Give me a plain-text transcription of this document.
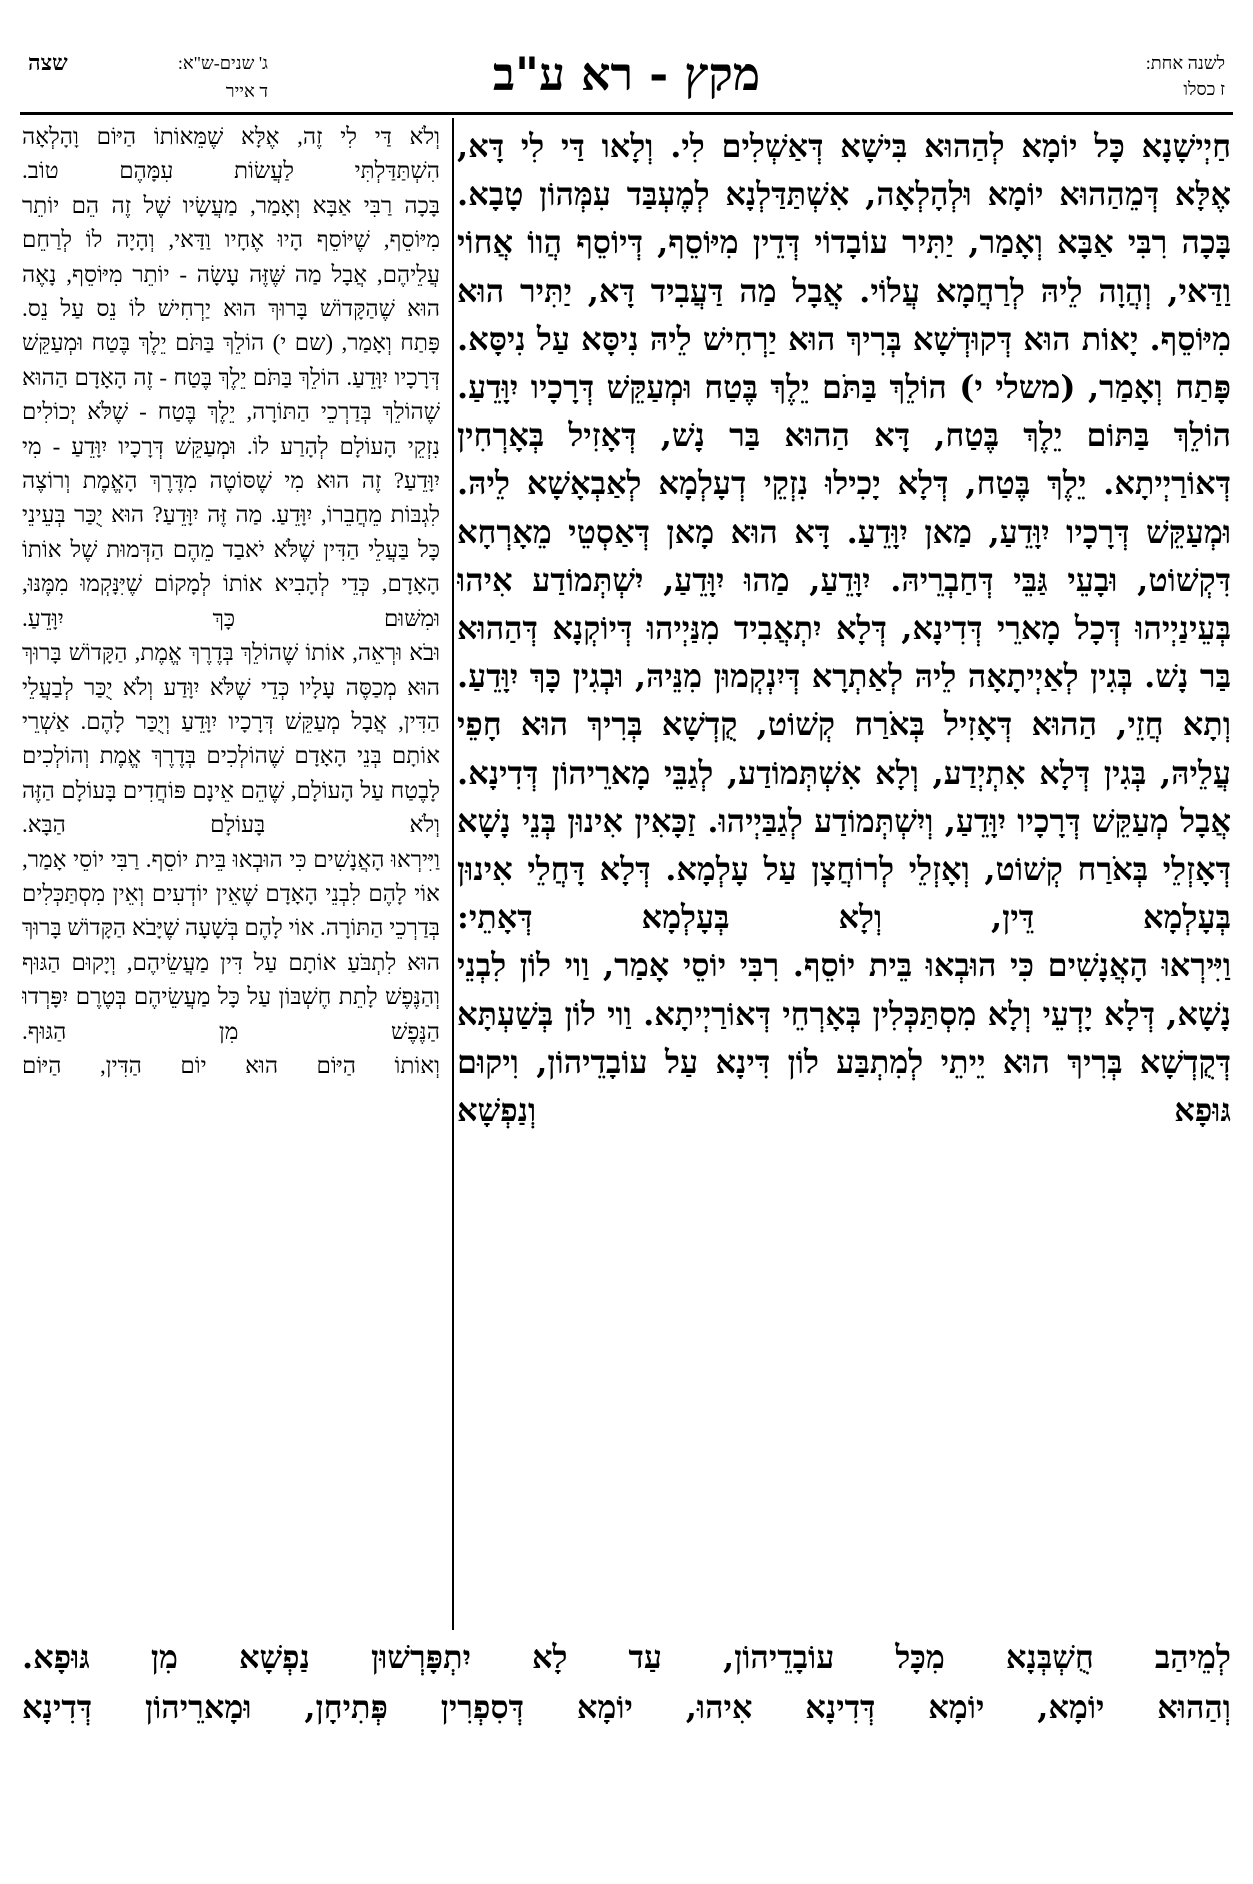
שצה	ג' שנים-ש"א:
ד אייר	מקץ - רא ע"ב	לשנה אחת:
ז כסלו

חַיְישָׁנָא כָּל יוֹמָא לְהַהוּא בִּישָׁא דְּאַשְׁלִים לִי. וְלָאו דַּי לִי דָּא, אֶלָּא דְּמֵהַהוּא יוֹמָא וּלְהָלְאָה, אִשְׁתַּדַּלְנָא לְמֶעְבַּד עִמְּהוֹן טָבָא.

בָּכָה רִבִּי אַבָּא וְאָמַר, יַתִּיר עוֹבָדוֹי דְּדֵין מִיּוֹסֵף, דְּיוֹסֵף הֲווֹ אֲחוֹי וַדַּאי, וְהֲוָה לֵיהּ לְרַחֲמָא עֲלוֹי. אֲבָל מַה דַּעֲבִיד דָּא, יַתִּיר הוּא מִיּוֹסֵף. יָאוֹת הוּא דְּקוּדְשָׁא בְּרִיךְ הוּא יַרְחִישׁ לֵיהּ נִיסָּא עַל נִיסָּא.

פָּתַח וְאָמַר, (משלי י) הוֹלֵךְ בַּתֹּם יֵלֶךְ בֶּטַח וּמְעַקֵּשׁ דְּרָכָיו יִוָּדֵעַ. הוֹלֵךְ בַּתּוֹם יֵלֶךְ בֶּטַח, דָּא הַהוּא בַּר נָשׁ, דְּאָזִיל בְּאָרְחִין דְּאוֹרַיְיתָא. יֵלֶךְ בֶּטַח, דְּלָא יָכִילוּ נִזְקֵי דְעָלְמָא לְאַבְאָשָׁא לֵיהּ. וּמְעַקֵּשׁ דְּרָכָיו יִוָּדֵעַ, מַאן יִוָּדֵעַ. דָּא הוּא מָאן דְּאַסְטֵי מֵאָרְחָא דִּקְשׁוֹט, וּבָעֵי גַּבֵּי דְּחַבְרֵיהּ. יִוָּדֵעַ, מַהוּ יִוָּדֵעַ, יִשְׁתְּמוֹדַע אִיהוּ בְּעֵינַיְיהוּ דְּכָל מָארֵי דְּדִינָא, דְּלָא יִתְאֲבִיד מִנַּיְיהוּ דְּיוֹקְנָא דְּהַהוּא בַּר נָשׁ. בְּגִין לְאַיְיתָאָה לֵיהּ לְאַתְרָא דְּיִנְקְמוּן מִנֵּיהּ, וּבְגִין כָּךְ יִוָּדֵעַ.

וְתָא חֲזֵי, הַהוּא דְּאָזִיל בְּאֹרַח קְשׁוֹט, קֻדְשָׁא בְּרִיךְ הוּא חָפֵי עֲלֵיהּ, בְּגִין דְּלָא אִתְיְדַע, וְלָא אִשְׁתְּמוֹדַע, לְגַבֵּי מָארֵיהוֹן דְּדִינָא. אֲבָל מְעַקֵּשׁ דְּרָכָיו יִוָּדֵעַ, וְיִשְׁתְּמוֹדַע לְגַבַּיְיהוּ. זַכָּאִין אִינוּן בְּנֵי נָשָׁא דְּאָזְלֵי בְּאֹרַח קְשׁוֹט, וְאָזְלֵי לְרוֹחֲצָן עַל עָלְמָא. דְּלָא דָּחֲלֵי אִינוּן בְּעָלְמָא דֵּין, וְלָא בְּעָלְמָא דְּאָתֵי:

וַיִּירְאוּ הָאֲנָשִׁים כִּי הוּבְאוּ בֵּית יוֹסֵף. רִבִּי יוֹסֵי אָמַר, וַוי לוֹן לִבְנֵי נָשָׁא, דְּלָא יָדְעֵי וְלָא מִסְתַּכְּלִין בְּאָרְחֵי דְּאוֹרַיְיתָא. וַוי לוֹן בְּשַׁעְתָּא דְּקֻדְשָׁא בְּרִיךְ הוּא יֵיתֵי לְמִתְבַּע לוֹן דִּינָא עַל עוֹבָדֵיהוֹן, וִיקוּם גּוּפָא וְנַפְשָׁא

וְלֹא דַּי לִי זֶה, אֶלָּא שֶׁמֵּאוֹתוֹ הַיּוֹם וָהָלְאָה הִשְׁתַּדַּלְתִּי לַעֲשׂוֹת עִמָּהֶם טוֹב.

בָּכָה רַבִּי אַבָּא וְאָמַר, מַעֲשָׂיו שֶׁל זֶה הֵם יוֹתֵר מִיּוֹסֵף, שֶׁיּוֹסֵף הָיוּ אֶחָיו וַדַּאי, וְהָיָה לוֹ לְרַחֵם עֲלֵיהֶם, אֲבָל מַה שֶּׁזֶּה עָשָׂה - יוֹתֵר מִיּוֹסֵף, נָאֶה הוּא שֶׁהַקָּדוֹשׁ בָּרוּךְ הוּא יַרְחִישׁ לוֹ נֵס עַל נֵס.

פָּתַח וְאָמַר, (שם י) הוֹלֵךְ בַּתֹּם יֵלֶךְ בֶּטַח וּמְעַקֵּשׁ דְּרָכָיו יִוָּדֵעַ. הוֹלֵךְ בַּתֹּם יֵלֶךְ בֶּטַח - זֶה הָאָדָם הַהוּא שֶׁהוֹלֵךְ בְּדַרְכֵי הַתּוֹרָה, יֵלֶךְ בֶּטַח - שֶׁלֹּא יְכוֹלִים נִזְקֵי הָעוֹלָם לְהָרַע לוֹ. וּמְעַקֵּשׁ דְּרָכָיו יִוָּדֵעַ - מִי יִוָּדֵעַ? זֶה הוּא מִי שֶׁסּוֹטֶה מִדֶּרֶךְ הָאֱמֶת וְרוֹצֶה לִגְבּוֹת מֵחֲבֵרוֹ, יִוָּדֵעַ. מַה זֶּה יִוָּדֵעַ? הוּא יֻכַּר בְּעֵינֵי כָּל בַּעֲלֵי הַדִּין שֶׁלֹּא יֹאבַד מֵהֶם הַדְּמוּת שֶׁל אוֹתוֹ הָאָדָם, כְּדֵי לְהָבִיא אוֹתוֹ לְמָקוֹם שֶׁיִּנָּקְמוּ מִמֶּנּוּ, וּמִשּׁוּם כָּךְ יִוָּדֵעַ.

וּבֹא וּרְאֵה, אוֹתוֹ שֶׁהוֹלֵךְ בְּדֶרֶךְ אֱמֶת, הַקָּדוֹשׁ בָּרוּךְ הוּא מְכַסֶּה עָלָיו כְּדֵי שֶׁלֹּא יִוָּדַע וְלֹא יֻכַּר לְבַעֲלֵי הַדִּין, אֲבָל מְעַקֵּשׁ דְּרָכָיו יִוָּדֵעַ וְיֻכַּר לָהֶם. אַשְׁרֵי אוֹתָם בְּנֵי הָאָדָם שֶׁהוֹלְכִים בְּדֶרֶךְ אֱמֶת וְהוֹלְכִים לָבֶטַח עַל הָעוֹלָם, שֶׁהֵם אֵינָם פּוֹחֲדִים בָּעוֹלָם הַזֶּה וְלֹא בָּעוֹלָם הַבָּא.

וַיִּירְאוּ הָאֲנָשִׁים כִּי הוּבְאוּ בֵּית יוֹסֵף. רַבִּי יוֹסֵי אָמַר, אוֹי לָהֶם לִבְנֵי הָאָדָם שֶׁאֵין יוֹדְעִים וְאֵין מִסְתַּכְּלִים בְּדַרְכֵי הַתּוֹרָה. אוֹי לָהֶם בְּשָׁעָה שֶׁיָּבֹא הַקָּדוֹשׁ בָּרוּךְ הוּא לִתְבֹּעַ אוֹתָם עַל דִּין מַעֲשֵׂיהֶם, וְיָקוּם הַגּוּף וְהַנֶּפֶשׁ לָתֵת חֶשְׁבּוֹן עַל כָּל מַעֲשֵׂיהֶם בְּטֶרֶם יִפָּרְדוּ הַנֶּפֶשׁ מִן הַגּוּף.

וְאוֹתוֹ הַיּוֹם הוּא יוֹם הַדִּין, הַיּוֹם

לְמֵיהַב חֻשְׁבְּנָא מִכָּל עוֹבָדֵיהוֹן, עַד לָא יִתְפָּרְשׁוּן נַפְשָׁא מִן גּוּפָא.

וְהַהוּא יוֹמָא, יוֹמָא דְּדִינָא אִיהוּ, יוֹמָא דְּסִפְרִין פְּתִיחָן, וּמָארֵיהוֹן דְּדִינָא
